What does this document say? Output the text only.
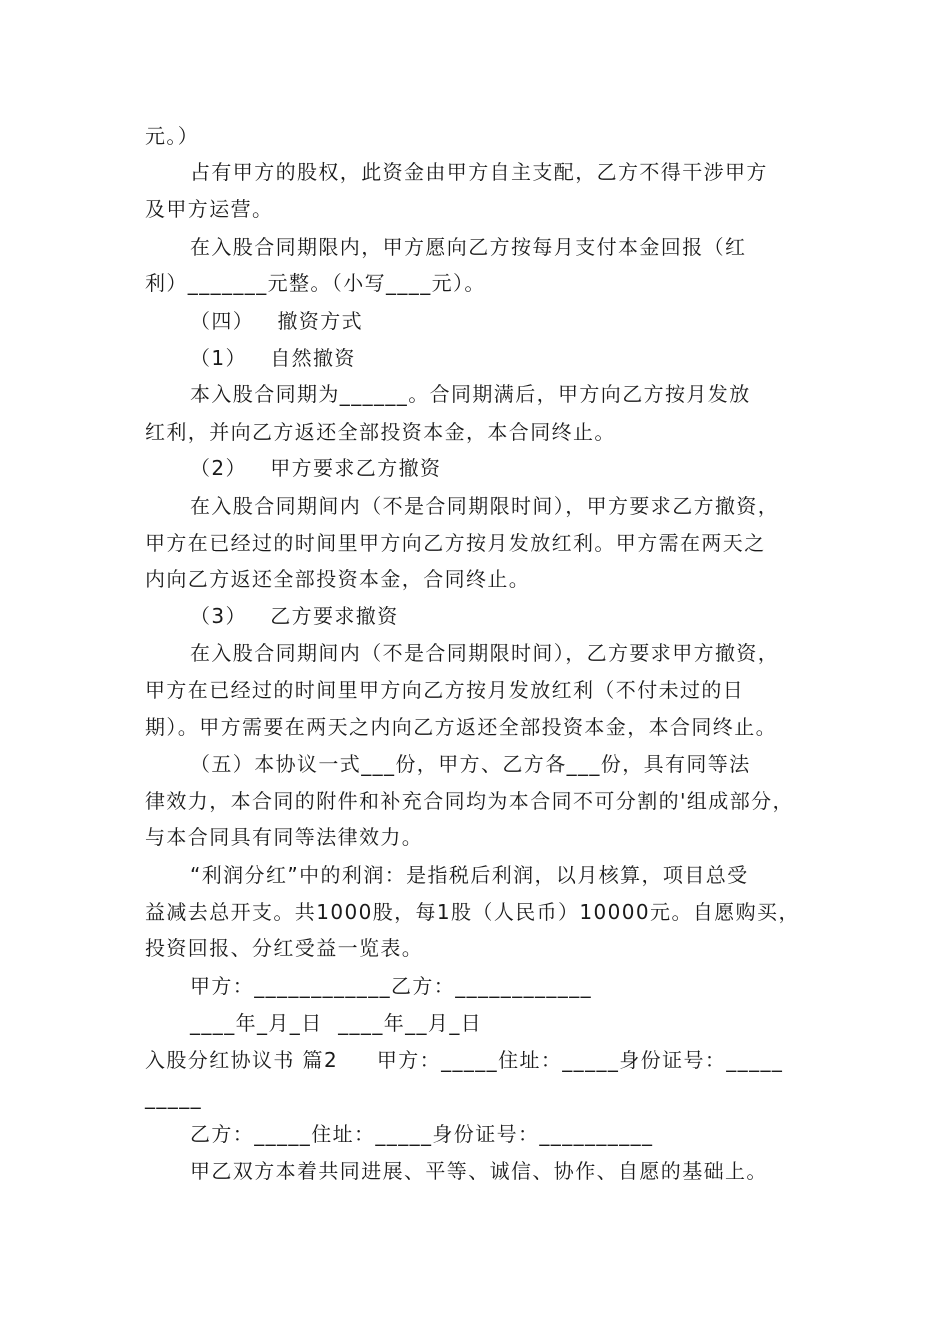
元。）
占有甲方的股权，此资金由甲方自主支配，乙方不得干涉甲方
及甲方运营。
在入股合同期限内，甲方愿向乙方按每月支付本金回报（红
利）_______元整。（小写____元）。
（四）   撤资方式
（1）   自然撤资
本入股合同期为______。合同期满后，甲方向乙方按月发放
红利，并向乙方返还全部投资本金，本合同终止。
（2）   甲方要求乙方撤资
在入股合同期间内（不是合同期限时间），甲方要求乙方撤资，
甲方在已经过的时间里甲方向乙方按月发放红利。甲方需在两天之
内向乙方返还全部投资本金，合同终止。
（3）   乙方要求撤资
在入股合同期间内（不是合同期限时间），乙方要求甲方撤资，
甲方在已经过的时间里甲方向乙方按月发放红利（不付未过的日
期）。甲方需要在两天之内向乙方返还全部投资本金，本合同终止。
（五）本协议一式___份，甲方、乙方各___份，具有同等法
律效力，本合同的附件和补充合同均为本合同不可分割的'组成部分，
与本合同具有同等法律效力。
“利润分红”中的利润：是指税后利润，以月核算，项目总受
益减去总开支。共1000股，每1股（人民币）10000元。自愿购买，
投资回报、分红受益一览表。
甲方：____________乙方：____________
____年_月_日  ____年__月_日
入股分红协议书 篇2     甲方：_____住址：_____身份证号：_____
_____
乙方：_____住址：_____身份证号：__________
甲乙双方本着共同进展、平等、诚信、协作、自愿的基础上。
